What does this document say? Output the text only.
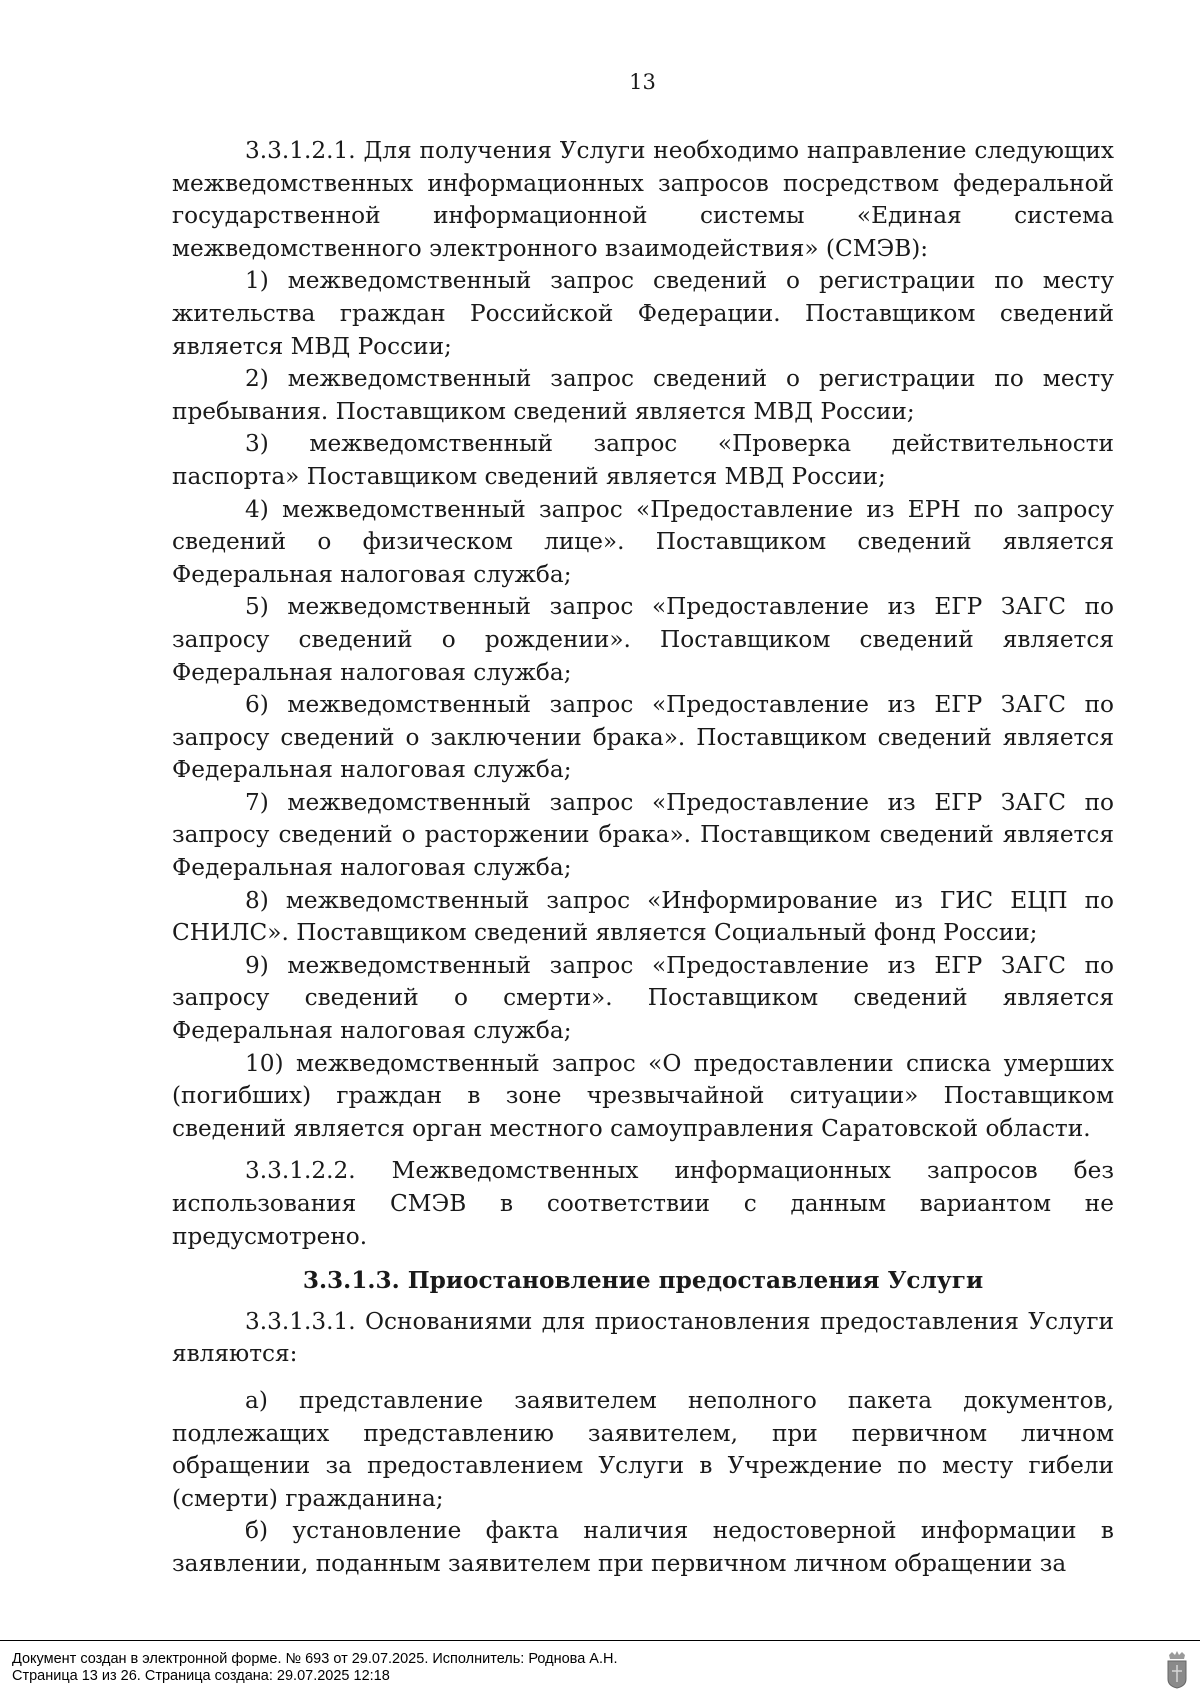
13

3.3.1.2.1. Для получения Услуги необходимо направление следующих межведомственных информационных запросов посредством федеральной государственной информационной системы «Единая система межведомственного электронного взаимодействия» (СМЭВ):

1) межведомственный запрос сведений о регистрации по месту жительства граждан Российской Федерации. Поставщиком сведений является МВД России;

2) межведомственный запрос сведений о регистрации по месту пребывания. Поставщиком сведений является МВД России;

3) межведомственный запрос «Проверка действительности паспорта» Поставщиком сведений является МВД России;

4) межведомственный запрос «Предоставление из ЕРН по запросу сведений о физическом лице». Поставщиком сведений является Федеральная налоговая служба;

5) межведомственный запрос «Предоставление из ЕГР ЗАГС по запросу сведений о рождении». Поставщиком сведений является Федеральная налоговая служба;

6) межведомственный запрос «Предоставление из ЕГР ЗАГС по запросу сведений о заключении брака». Поставщиком сведений является Федеральная налоговая служба;

7) межведомственный запрос «Предоставление из ЕГР ЗАГС по запросу сведений о расторжении брака». Поставщиком сведений является Федеральная налоговая служба;

8) межведомственный запрос «Информирование из ГИС ЕЦП по СНИЛС». Поставщиком сведений является Социальный фонд России;

9) межведомственный запрос «Предоставление из ЕГР ЗАГС по запросу сведений о смерти». Поставщиком сведений является Федеральная налоговая служба;

10) межведомственный запрос «О предоставлении списка умерших (погибших) граждан в зоне чрезвычайной ситуации» Поставщиком сведений является орган местного самоуправления Саратовской области.

3.3.1.2.2. Межведомственных информационных запросов без использования СМЭВ в соответствии с данным вариантом не предусмотрено.

3.3.1.3. Приостановление предоставления Услуги

3.3.1.3.1. Основаниями для приостановления предоставления Услуги являются:

а) представление заявителем неполного пакета документов, подлежащих представлению заявителем, при первичном личном обращении за предоставлением Услуги в Учреждение по месту гибели (смерти) гражданина;

б) установление факта наличия недостоверной информации в заявлении, поданным заявителем при первичном личном обращении за

Документ создан в электронной форме. № 693 от 29.07.2025. Исполнитель: Роднова А.Н.
Страница 13 из 26. Страница создана: 29.07.2025 12:18
